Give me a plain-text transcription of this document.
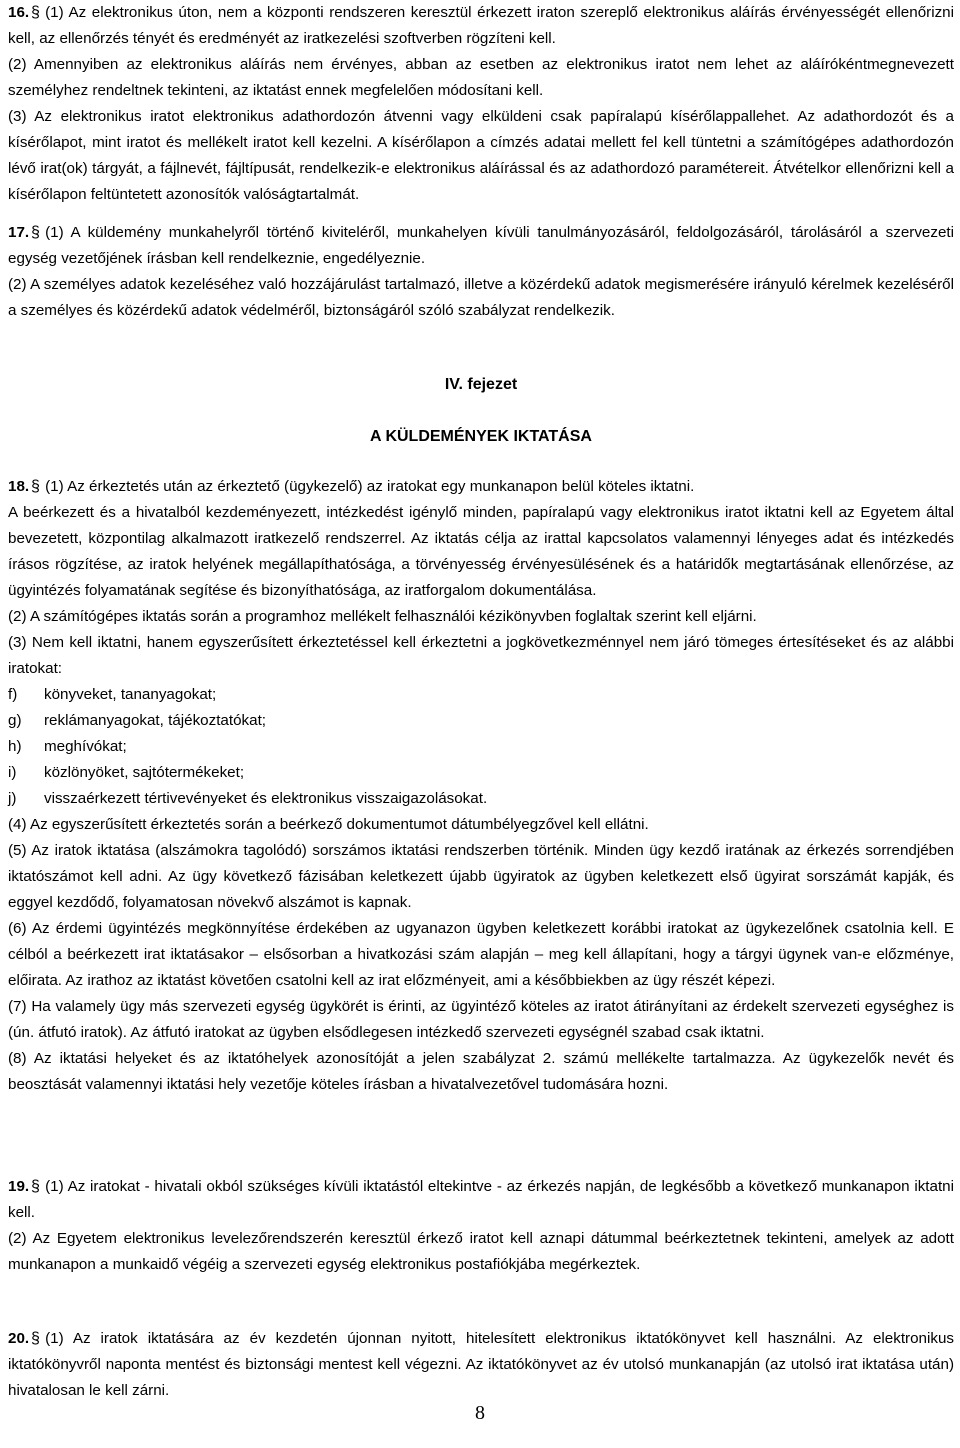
16. § (1) Az elektronikus úton, nem a központi rendszeren keresztül érkezett iraton szereplő elektronikus aláírás érvényességét ellenőrizni kell, az ellenőrzés tényét és eredményét az iratkezelési szoftverben rögzíteni kell.

(2) Amennyiben az elektronikus aláírás nem érvényes, abban az esetben az elektronikus iratot nem lehet az aláírókéntmegnevezett személyhez rendeltnek tekinteni, az iktatást ennek megfelelően módosítani kell.

(3) Az elektronikus iratot elektronikus adathordozón átvenni vagy elküldeni csak papíralapú kísérőlappallehet. Az adathordozót és a kísérőlapot, mint iratot és mellékelt iratot kell kezelni. A kísérőlapon a címzés adatai mellett fel kell tüntetni a számítógépes adathordozón lévő irat(ok) tárgyát, a fájlnevét, fájltípusát, rendelkezik-e elektronikus aláírással és az adathordozó paramétereit. Átvételkor ellenőrizni kell a kísérőlapon feltüntetett azonosítók valóságtartalmát.

17. § (1) A küldemény munkahelyről történő kiviteléről, munkahelyen kívüli tanulmányozásáról, feldolgozásáról, tárolásáról a szervezeti egység vezetőjének írásban kell rendelkeznie, engedélyeznie.

(2) A személyes adatok kezeléséhez való hozzájárulást tartalmazó, illetve a közérdekű adatok megismerésére irányuló kérelmek kezeléséről a személyes és közérdekű adatok védelméről, biztonságáról szóló szabályzat rendelkezik.

IV. fejezet
A KÜLDEMÉNYEK IKTATÁSA

18. § (1) Az érkeztetés után az érkeztető (ügykezelő) az iratokat egy munkanapon belül köteles iktatni.

A beérkezett és a hivatalból kezdeményezett, intézkedést igénylő minden, papíralapú vagy elektronikus iratot iktatni kell az Egyetem által bevezetett, központilag alkalmazott iratkezelő rendszerrel. Az iktatás célja az irattal kapcsolatos valamennyi lényeges adat és intézkedés írásos rögzítése, az iratok helyének megállapíthatósága, a törvényesség érvényesülésének és a határidők megtartásának ellenőrzése, az ügyintézés folyamatának segítése és bizonyíthatósága, az iratforgalom dokumentálása.

(2) A számítógépes iktatás során a programhoz mellékelt felhasználói kézikönyvben foglaltak szerint kell eljárni.

(3) Nem kell iktatni, hanem egyszerűsített érkeztetéssel kell érkeztetni a jogkövetkezménnyel nem járó tömeges értesítéseket és az alábbi iratokat:

f)	könyveket, tananyagokat;
g)	reklámanyagokat, tájékoztatókat;
h)	meghívókat;
i)	közlönyöket, sajtótermékeket;
j)	visszaérkezett tértivevényeket és elektronikus visszaigazolásokat.

(4) Az egyszerűsített érkeztetés során a beérkező dokumentumot dátumbélyegzővel kell ellátni.

(5) Az iratok iktatása (alszámokra tagolódó) sorszámos iktatási rendszerben történik. Minden ügy kezdő iratának az érkezés sorrendjében iktatószámot kell adni. Az ügy következő fázisában keletkezett újabb ügyiratok az ügyben keletkezett első ügyirat sorszámát kapják, és eggyel kezdődő, folyamatosan növekvő alszámot is kapnak.

(6) Az érdemi ügyintézés megkönnyítése érdekében az ugyanazon ügyben keletkezett korábbi iratokat az ügykezelőnek csatolnia kell. E célból a beérkezett irat iktatásakor – elsősorban a hivatkozási szám alapján – meg kell állapítani, hogy a tárgyi ügynek van-e előzménye, előirata. Az irathoz az iktatást követően csatolni kell az irat előzményeit, ami a későbbiekben az ügy részét képezi.

(7) Ha valamely ügy más szervezeti egység ügykörét is érinti, az ügyintéző köteles az iratot átirányítani az érdekelt szervezeti egységhez is (ún. átfutó iratok). Az átfutó iratokat az ügyben elsődlegesen intézkedő szervezeti egységnél szabad csak iktatni.

(8) Az iktatási helyeket és az iktatóhelyek azonosítóját a jelen szabályzat 2. számú mellékelte tartalmazza. Az ügykezelők nevét és beosztását valamennyi iktatási hely vezetője köteles írásban a hivatalvezetővel tudomására hozni.

19. § (1) Az iratokat - hivatali okból szükséges kívüli iktatástól eltekintve - az érkezés napján, de legkésőbb a következő munkanapon iktatni kell.

(2) Az Egyetem elektronikus levelezőrendszerén keresztül érkező iratot kell aznapi dátummal beérkeztetnek tekinteni, amelyek az adott munkanapon a munkaidő végéig a szervezeti egység elektronikus postafiókjába megérkeztek.

20. § (1) Az iratok iktatására az év kezdetén újonnan nyitott, hitelesített elektronikus iktatókönyvet kell használni. Az elektronikus iktatókönyvről naponta mentést és biztonsági mentest kell végezni. Az iktatókönyvet az év utolsó munkanapján (az utolsó irat iktatása után) hivatalosan le kell zárni.

8
